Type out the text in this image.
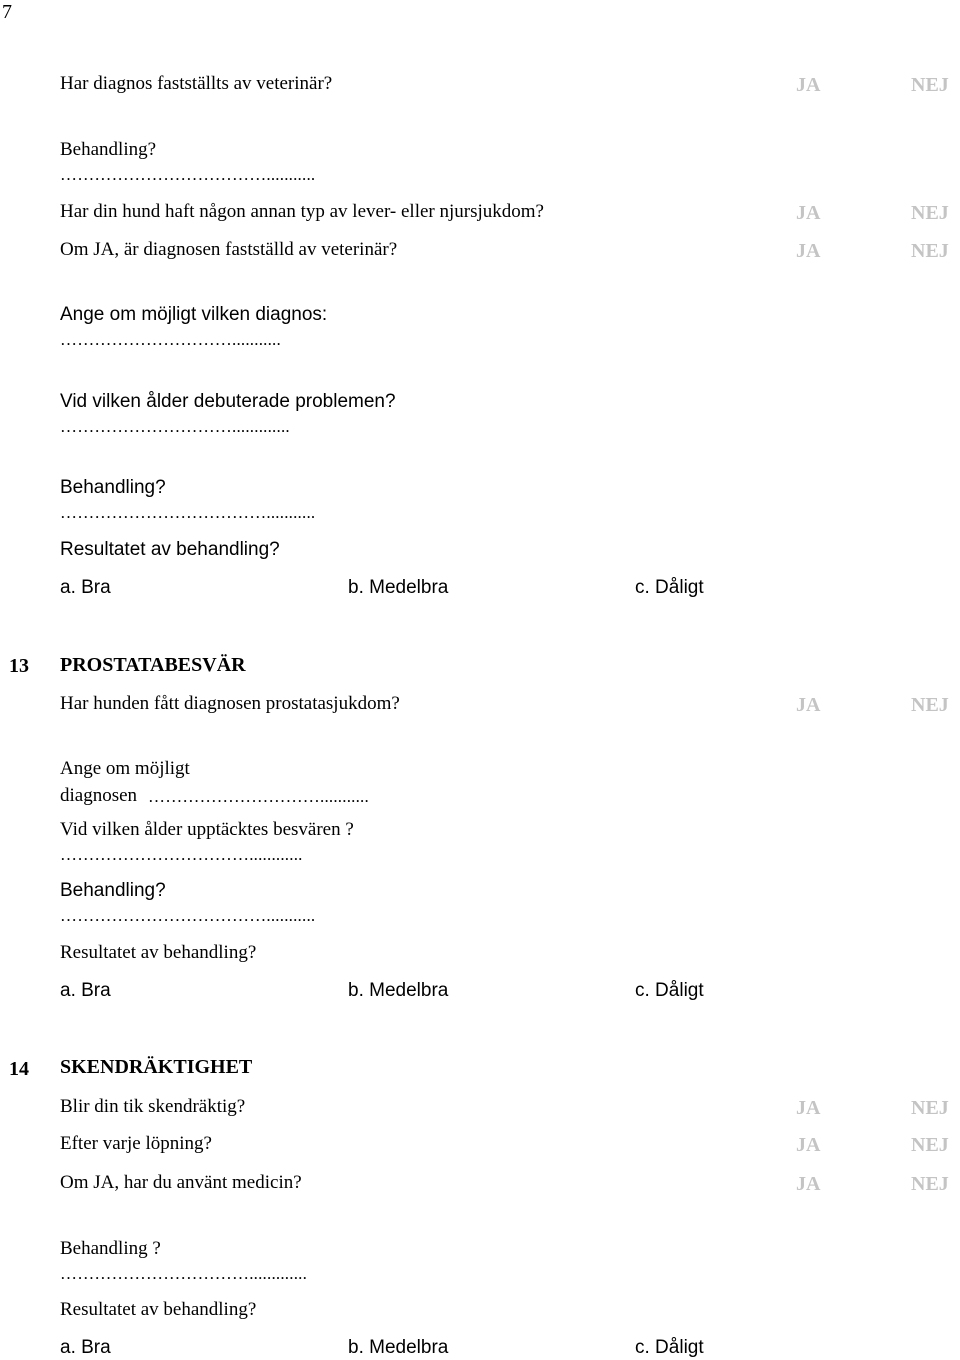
7
Har diagnos fastställts av veterinär?	JA	NEJ
Behandling?
………………………………...........
Har din hund haft någon annan typ av lever- eller njursjukdom?	JA	NEJ
Om JA, är diagnosen fastställd av veterinär?	JA	NEJ
Ange om möjligt vilken diagnos:
…………………………...........
Vid vilken ålder debuterade problemen?
………………………….............
Behandling?
………………………………...........
Resultatet av behandling?
a. Bra	b. Medelbra	c. Dåligt
13 PROSTATABESVÄR
Har hunden fått diagnosen prostatasjukdom?	JA	NEJ
Ange om möjligt
diagnosen …………………………...........
Vid vilken ålder upptäcktes besvären ?
……………………………............
Behandling?
………………………………...........
Resultatet av behandling?
a. Bra	b. Medelbra	c. Dåligt
14 SKENDRÄKTIGHET
Blir din tik skendräktig?	JA	NEJ
Efter varje löpning?	JA	NEJ
Om JA, har du använt medicin?	JA	NEJ
Behandling ?
…………………………….............
Resultatet av behandling?
a. Bra	b. Medelbra	c. Dåligt
